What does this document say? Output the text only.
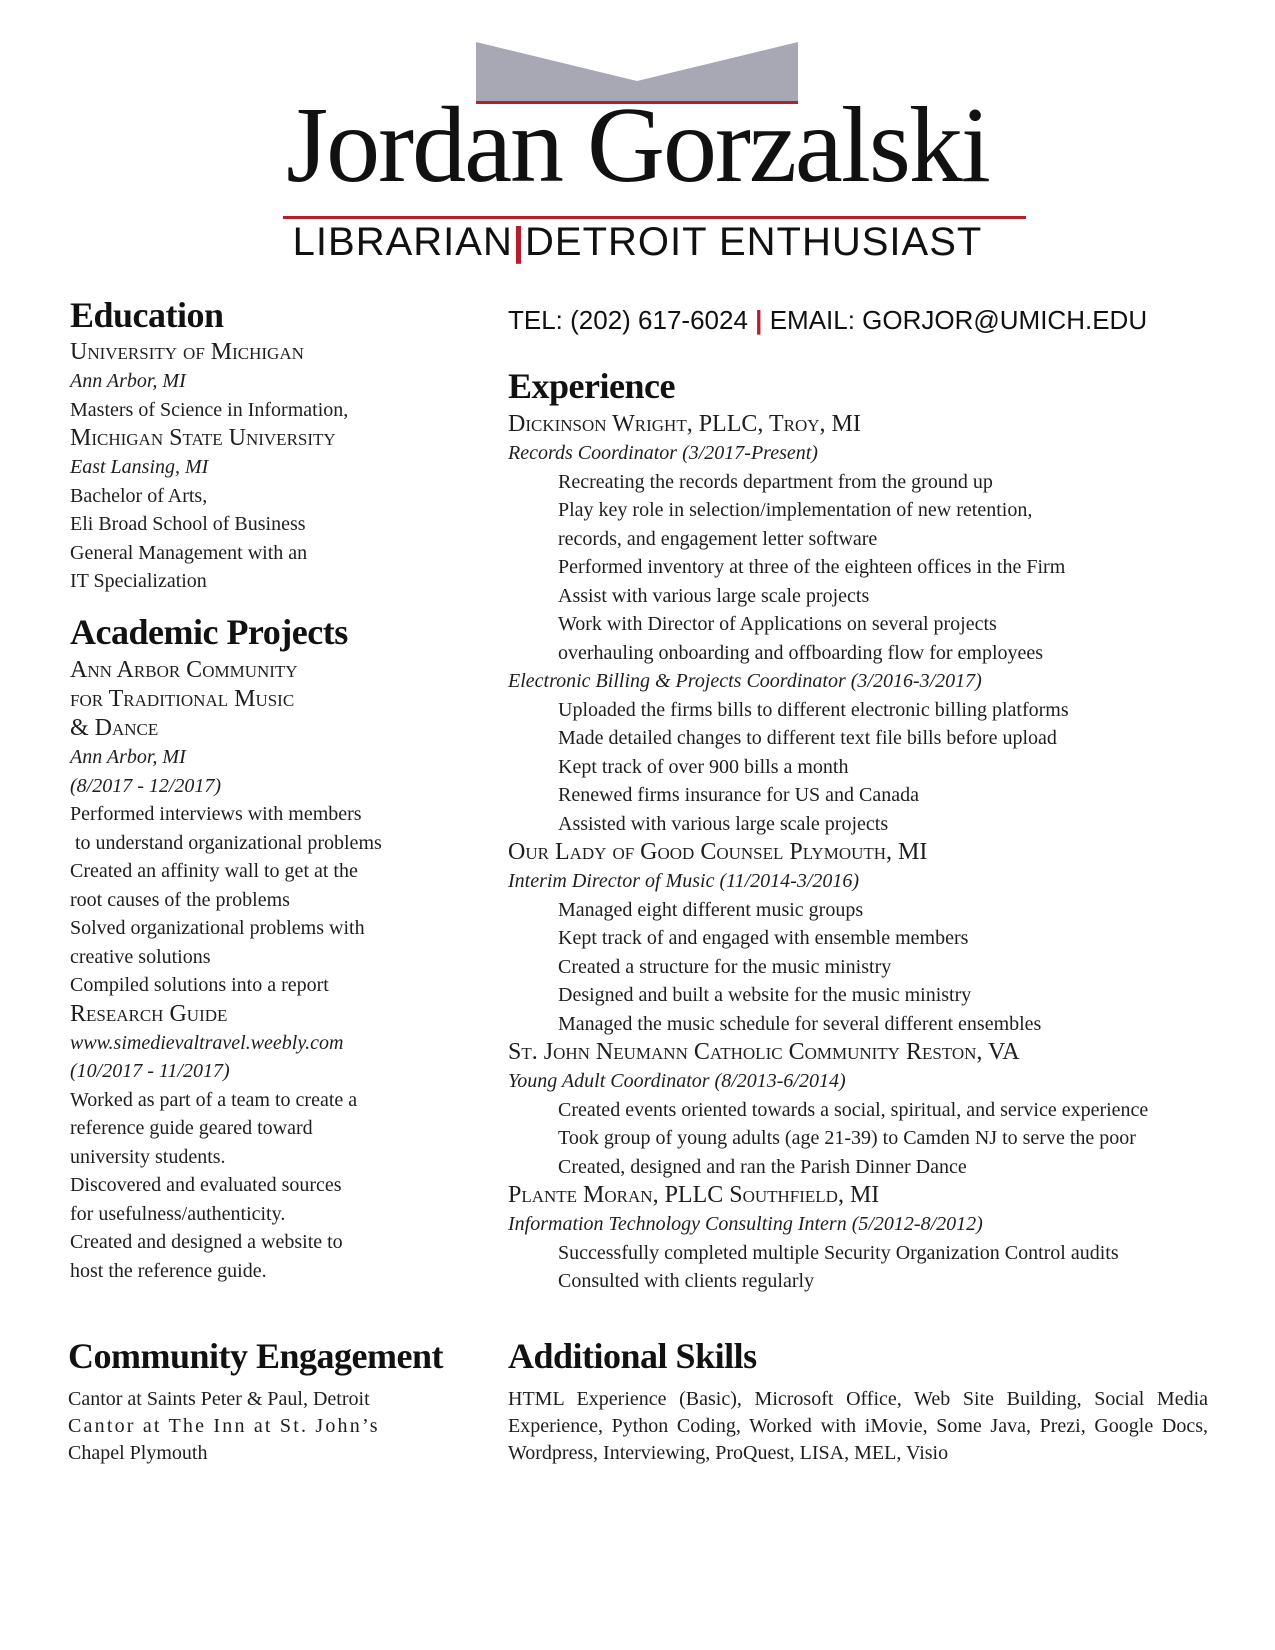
Jordan Gorzalski
LIBRARIAN|DETROIT ENTHUSIAST
TEL: (202) 617-6024 | EMAIL: GORJOR@UMICH.EDU
Education
University of Michigan
Ann Arbor, MI
Masters of Science in Information,
Michigan State University
East Lansing, MI
Bachelor of Arts,
Eli Broad School of Business
General Management with an
IT Specialization
Academic Projects
Ann Arbor Community
for Traditional Music
& Dance
Ann Arbor, MI
(8/2017 - 12/2017)
Performed interviews with members
to understand organizational problems
Created an affinity wall to get at the
root causes of the problems
Solved organizational problems with
creative solutions
Compiled solutions into a report
Research Guide
www.simedievaltravel.weebly.com
(10/2017 - 11/2017)
Worked as part of a team to create a
reference guide geared toward
university students.
Discovered and evaluated sources
for usefulness/authenticity.
Created and designed a website to
host the reference guide.
Community Engagement
Cantor at Saints Peter & Paul, Detroit
Cantor at The Inn at St. John’s
Chapel Plymouth
Experience
Dickinson Wright, PLLC, Troy, MI
Records Coordinator (3/2017-Present)
Recreating the records department from the ground up
Play key role in selection/implementation of new retention,
records, and engagement letter software
Performed inventory at three of the eighteen offices in the Firm
Assist with various large scale projects
Work with Director of Applications on several projects
overhauling onboarding and offboarding flow for employees
Electronic Billing & Projects Coordinator (3/2016-3/2017)
Uploaded the firms bills to different electronic billing platforms
Made detailed changes to different text file bills before upload
Kept track of over 900 bills a month
Renewed firms insurance for US and Canada
Assisted with various large scale projects
Our Lady of Good Counsel Plymouth, MI
Interim Director of Music (11/2014-3/2016)
Managed eight different music groups
Kept track of and engaged with ensemble members
Created a structure for the music ministry
Designed and built a website for the music ministry
Managed the music schedule for several different ensembles
St. John Neumann Catholic Community Reston, VA
Young Adult Coordinator (8/2013-6/2014)
Created events oriented towards a social, spiritual, and service experience
Took group of young adults (age 21-39) to Camden NJ to serve the poor
Created, designed and ran the Parish Dinner Dance
Plante Moran, PLLC Southfield, MI
Information Technology Consulting Intern (5/2012-8/2012)
Successfully completed multiple Security Organization Control audits
Consulted with clients regularly
Additional Skills
HTML Experience (Basic), Microsoft Office, Web Site Building, Social Media Experience, Python Coding, Worked with iMovie, Some Java, Prezi, Google Docs, Wordpress, Interviewing, ProQuest, LISA, MEL, Visio
